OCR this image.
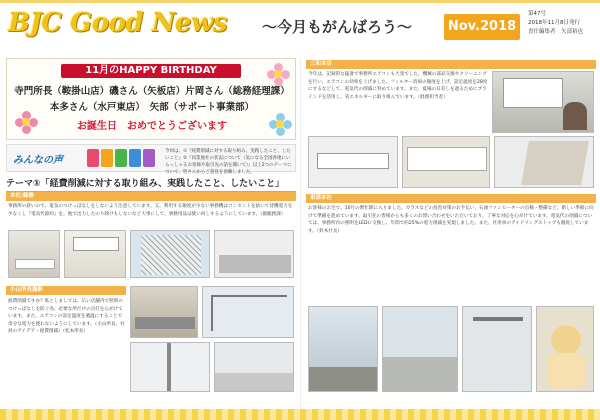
BJC Good News 〜今月もがんばろう〜	Nov.2018
第47号
2018年11月8日発行
責任編集者　矢部裕也
11月のHAPPY BIRTHDAY
寺門所長（鞍掛山店）磯さん（矢板店）片岡さん（総務経理課）
本多さん（水戸東店）　矢部（サポート事業部）
お誕生日　おめでとうございます
みんなの声
今回は、①『経費削減に対する取り組み、実践したこと、したいこと』②『同業他社の状況について（気になる全国各地にいらっしゃるお客様や取引先の話を聞いて）』以上2つのテーマについて、皆さんからご意見を頂戴しました。
テーマ①「経費削減に対する取り組み、実践したこと、したいこと」
本社/総務
事務所の狭いので、電気のつけっぱなしをしないよう注意しています。又、利用する頻度が少ない事務機はコンセントを抜いて待機電力を少なくし『電気代節約』を。他で出力したのり除けもしないなど大事にして、事務用品は使い回しするようにしています。（副総務課）
小山所長撮影
経費削減ですか？私としましては、広い店舗内で照明のつけっぱなしを防ぐ為、必要な所だけの点灯を心がけています。また、エアコンの設定温度を適温にすることで余分な電力を使わないようにしています。（小山所長、社員のアイデア・経費削減）（松本所長）
三和本店
今年は、記録的な猛暑で事務所エアコンも大変でした。機械の部品交換やクリーニングを行い、エアコンの効率を上げました。フィルター清掃の頻度を上げ、設定温度を28度にするなどして、電気代の削減に努めています。また、夏場の日差しを遮るためにブラインドを活用し、省エネルギーに取り組んでいます。（経理担当者）
東部本社
お客様のお宅で、10月の繁忙期に入りました。カラスなどの鳥害対策のお手伝い、石油ファンヒーターの点検・整備など、新しい季節に向けて準備を進めています。取引先の皆様からも多くのお問い合わせをいただいており、丁寧な対応を心がけています。電気代の削減については、事務所内の照明をLEDに交換し、年間で約25%の電力削減を実現しました。また、社用車のアイドリングストップも徹底しています。（鈴木社長）
